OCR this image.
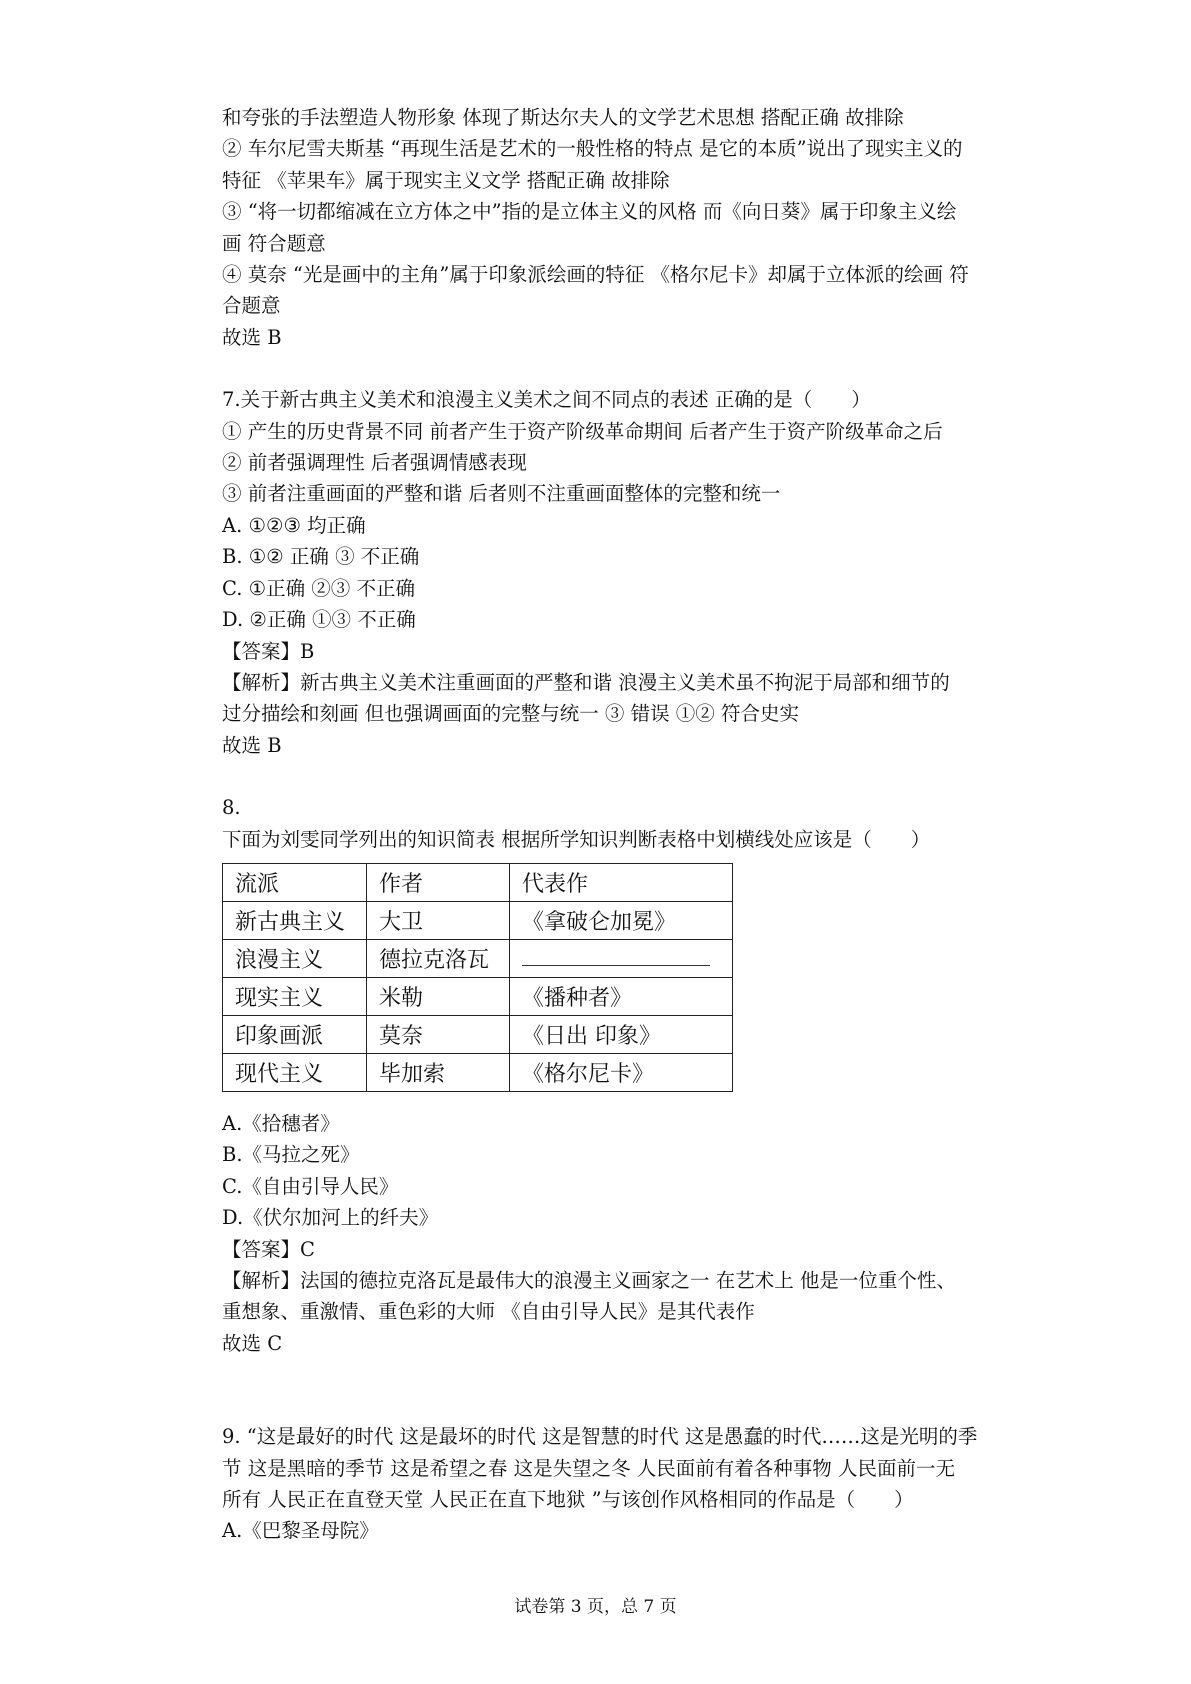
和夸张的手法塑造人物形象 体现了斯达尔夫人的文学艺术思想 搭配正确 故排除
② 车尔尼雪夫斯基 “再现生活是艺术的一般性格的特点 是它的本质”说出了现实主义的
特征 《苹果车》属于现实主义文学 搭配正确 故排除
③ “将一切都缩减在立方体之中”指的是立体主义的风格 而《向日葵》属于印象主义绘
画 符合题意
④ 莫奈 “光是画中的主角”属于印象派绘画的特征 《格尔尼卡》却属于立体派的绘画 符
合题意
故选 B
7.关于新古典主义美术和浪漫主义美术之间不同点的表述 正确的是（　　）
① 产生的历史背景不同 前者产生于资产阶级革命期间 后者产生于资产阶级革命之后
② 前者强调理性 后者强调情感表现
③ 前者注重画面的严整和谐 后者则不注重画面整体的完整和统一
A. ①②③ 均正确
B. ①② 正确 ③ 不正确
C. ①正确 ②③ 不正确
D. ②正确 ①③ 不正确
【答案】B
【解析】新古典主义美术注重画面的严整和谐 浪漫主义美术虽不拘泥于局部和细节的
过分描绘和刻画 但也强调画面的完整与统一 ③ 错误 ①② 符合史实
故选 B
8.
下面为刘雯同学列出的知识简表 根据所学知识判断表格中划横线处应该是（　　）
流派	作者	代表作
新古典主义	大卫	《拿破仑加冕》
浪漫主义	德拉克洛瓦	

现实主义	米勒	《播种者》
印象画派	莫奈	《日出 印象》
现代主义	毕加索	《格尔尼卡》
A.《拾穗者》
B.《马拉之死》
C.《自由引导人民》
D.《伏尔加河上的纤夫》
【答案】C
【解析】法国的德拉克洛瓦是最伟大的浪漫主义画家之一 在艺术上 他是一位重个性、
重想象、重激情、重色彩的大师 《自由引导人民》是其代表作
故选 C
9. “这是最好的时代 这是最坏的时代 这是智慧的时代 这是愚蠢的时代……这是光明的季
节 这是黑暗的季节 这是希望之春 这是失望之冬 人民面前有着各种事物 人民面前一无
所有 人民正在直登天堂 人民正在直下地狱 ”与该创作风格相同的作品是（　　）
A.《巴黎圣母院》
试卷第 3 页，总 7 页
